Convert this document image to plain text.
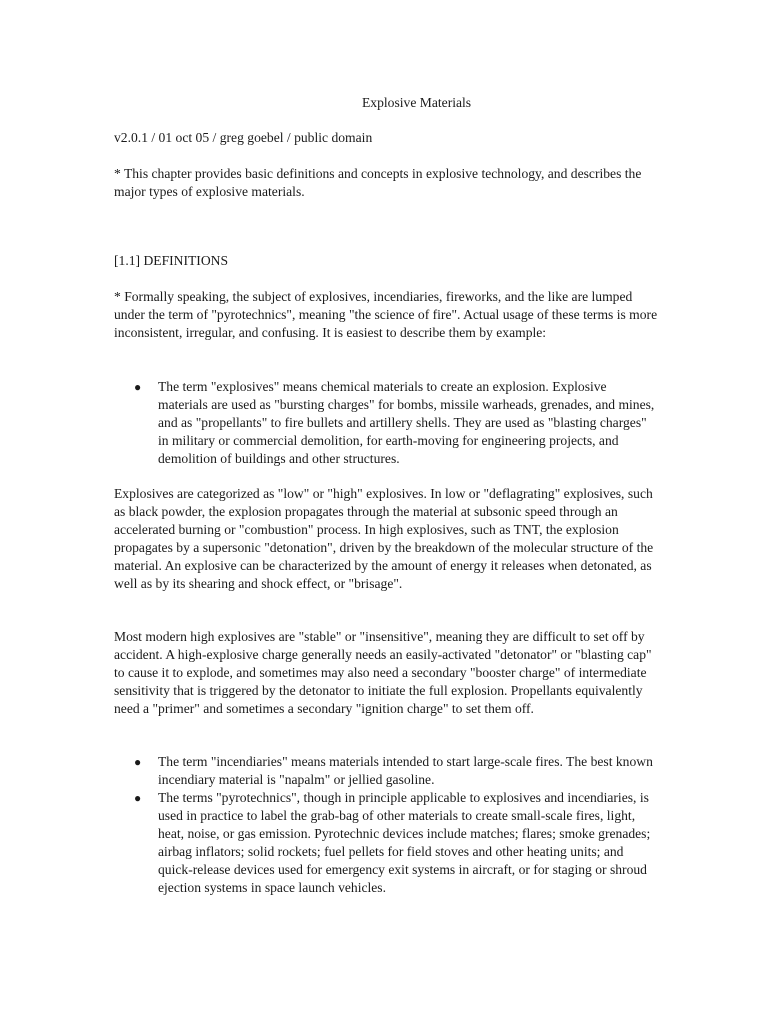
Explosive Materials

v2.0.1 / 01 oct 05 / greg goebel / public domain

* This chapter provides basic definitions and concepts in explosive technology, and describes the major types of explosive materials.

[1.1] DEFINITIONS

* Formally speaking, the subject of explosives, incendiaries, fireworks, and the like are lumped under the term of "pyrotechnics", meaning "the science of fire". Actual usage of these terms is more inconsistent, irregular, and confusing. It is easiest to describe them by example:

● The term "explosives" means chemical materials to create an explosion. Explosive materials are used as "bursting charges" for bombs, missile warheads, grenades, and mines, and as "propellants" to fire bullets and artillery shells. They are used as "blasting charges" in military or commercial demolition, for earth-moving for engineering projects, and demolition of buildings and other structures.

Explosives are categorized as "low" or "high" explosives. In low or "deflagrating" explosives, such as black powder, the explosion propagates through the material at subsonic speed through an accelerated burning or "combustion" process. In high explosives, such as TNT, the explosion propagates by a supersonic "detonation", driven by the breakdown of the molecular structure of the material. An explosive can be characterized by the amount of energy it releases when detonated, as well as by its shearing and shock effect, or "brisage".

Most modern high explosives are "stable" or "insensitive", meaning they are difficult to set off by accident. A high-explosive charge generally needs an easily-activated "detonator" or "blasting cap" to cause it to explode, and sometimes may also need a secondary "booster charge" of intermediate sensitivity that is triggered by the detonator to initiate the full explosion. Propellants equivalently need a "primer" and sometimes a secondary "ignition charge" to set them off.

● The term "incendiaries" means materials intended to start large-scale fires. The best known incendiary material is "napalm" or jellied gasoline.
● The terms "pyrotechnics", though in principle applicable to explosives and incendiaries, is used in practice to label the grab-bag of other materials to create small-scale fires, light, heat, noise, or gas emission. Pyrotechnic devices include matches; flares; smoke grenades; airbag inflators; solid rockets; fuel pellets for field stoves and other heating units; and quick-release devices used for emergency exit systems in aircraft, or for staging or shroud ejection systems in space launch vehicles.
